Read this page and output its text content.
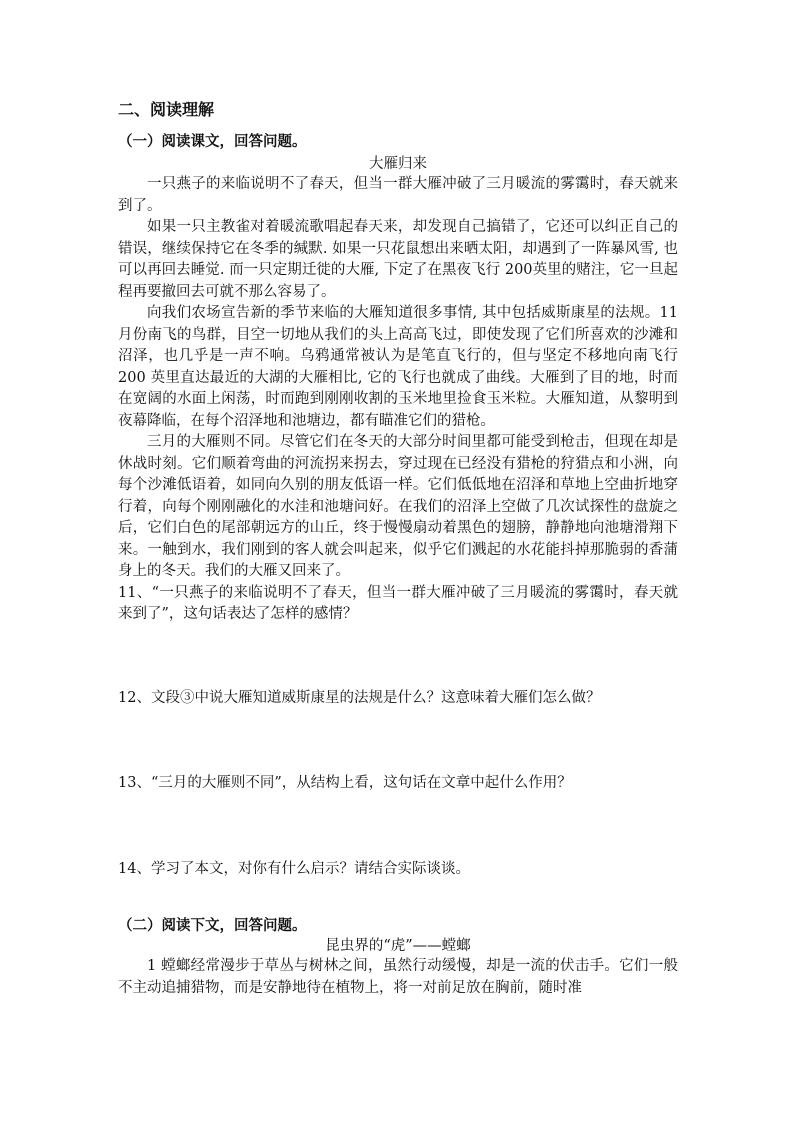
二、阅读理解
（一）阅读课文，回答问题。
大雁归来

一只燕子的来临说明不了春天，但当一群大雁冲破了三月暖流的雾霭时，春天就来到了。

如果一只主教雀对着暖流歌唱起春天来，却发现自己搞错了，它还可以纠正自己的错误，继续保持它在冬季的缄默. 如果一只花鼠想出来晒太阳，却遇到了一阵暴风雪, 也可以再回去睡觉. 而一只定期迁徙的大雁, 下定了在黑夜飞行 200英里的赌注，它一旦起程再要撤回去可就不那么容易了。

向我们农场宣告新的季节来临的大雁知道很多事情, 其中包括威斯康星的法规。11 月份南飞的鸟群，目空一切地从我们的头上高高飞过，即使发现了它们所喜欢的沙滩和沼泽，也几乎是一声不响。乌鸦通常被认为是笔直飞行的，但与坚定不移地向南飞行 200 英里直达最近的大湖的大雁相比, 它的飞行也就成了曲线。大雁到了目的地，时而在宽阔的水面上闲荡，时而跑到刚刚收割的玉米地里捡食玉米粒。大雁知道，从黎明到夜幕降临，在每个沼泽地和池塘边，都有瞄准它们的猎枪。

三月的大雁则不同。尽管它们在冬天的大部分时间里都可能受到枪击，但现在却是休战时刻。它们顺着弯曲的河流拐来拐去，穿过现在已经没有猎枪的狩猎点和小洲，向每个沙滩低语着，如同向久别的朋友低语一样。它们低低地在沼泽和草地上空曲折地穿行着，向每个刚刚融化的水洼和池塘问好。在我们的沼泽上空做了几次试探性的盘旋之后，它们白色的尾部朝远方的山丘，终于慢慢扇动着黑色的翅膀，静静地向池塘滑翔下来。一触到水，我们刚到的客人就会叫起来，似乎它们溅起的水花能抖掉那脆弱的香蒲身上的冬天。我们的大雁又回来了。

11、“一只燕子的来临说明不了春天，但当一群大雁冲破了三月暖流的雾霭时，春天就来到了”，这句话表达了怎样的感情？

12、文段③中说大雁知道威斯康星的法规是什么？这意味着大雁们怎么做？

13、“三月的大雁则不同”，从结构上看，这句话在文章中起什么作用？

14、学习了本文，对你有什么启示？请结合实际谈谈。

（二）阅读下文，回答问题。
昆虫界的“虎”——螳螂

1 螳螂经常漫步于草丛与树林之间，虽然行动缓慢，却是一流的伏击手。它们一般不主动追捕猎物，而是安静地待在植物上，将一对前足放在胸前，随时准
